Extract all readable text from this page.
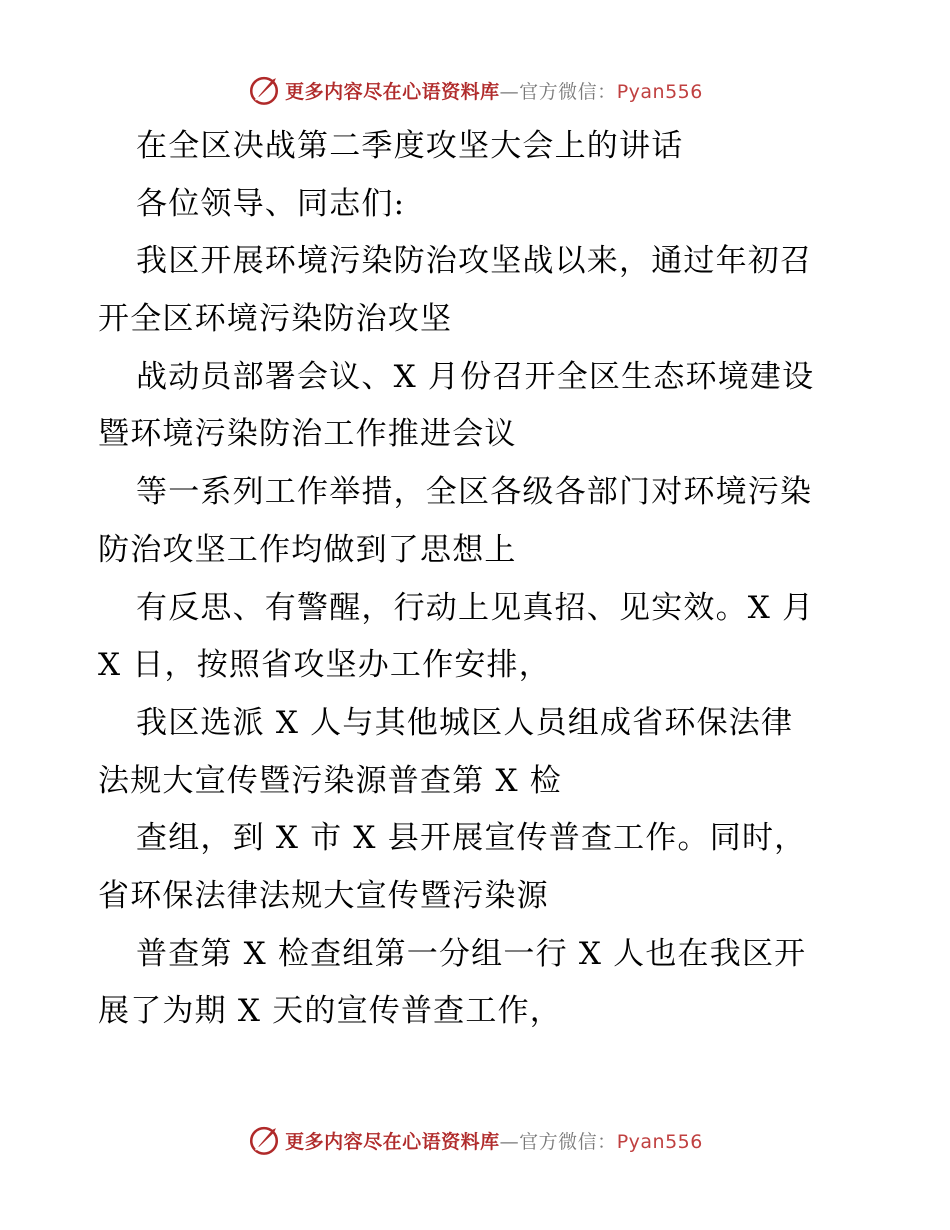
更多内容尽在心语资料库—官方微信：Pyan556
在全区决战第二季度攻坚大会上的讲话
各位领导、同志们:
我区开展环境污染防治攻坚战以来，通过年初召
开全区环境污染防治攻坚
战动员部署会议、X 月份召开全区生态环境建设
暨环境污染防治工作推进会议
等一系列工作举措，全区各级各部门对环境污染
防治攻坚工作均做到了思想上
有反思、有警醒，行动上见真招、见实效。X 月
X 日，按照省攻坚办工作安排，
我区选派 X 人与其他城区人员组成省环保法律
法规大宣传暨污染源普查第 X 检
查组，到 X 市 X 县开展宣传普查工作。同时，
省环保法律法规大宣传暨污染源
普查第 X 检查组第一分组一行 X 人也在我区开
展了为期 X 天的宣传普查工作，
更多内容尽在心语资料库—官方微信：Pyan556
